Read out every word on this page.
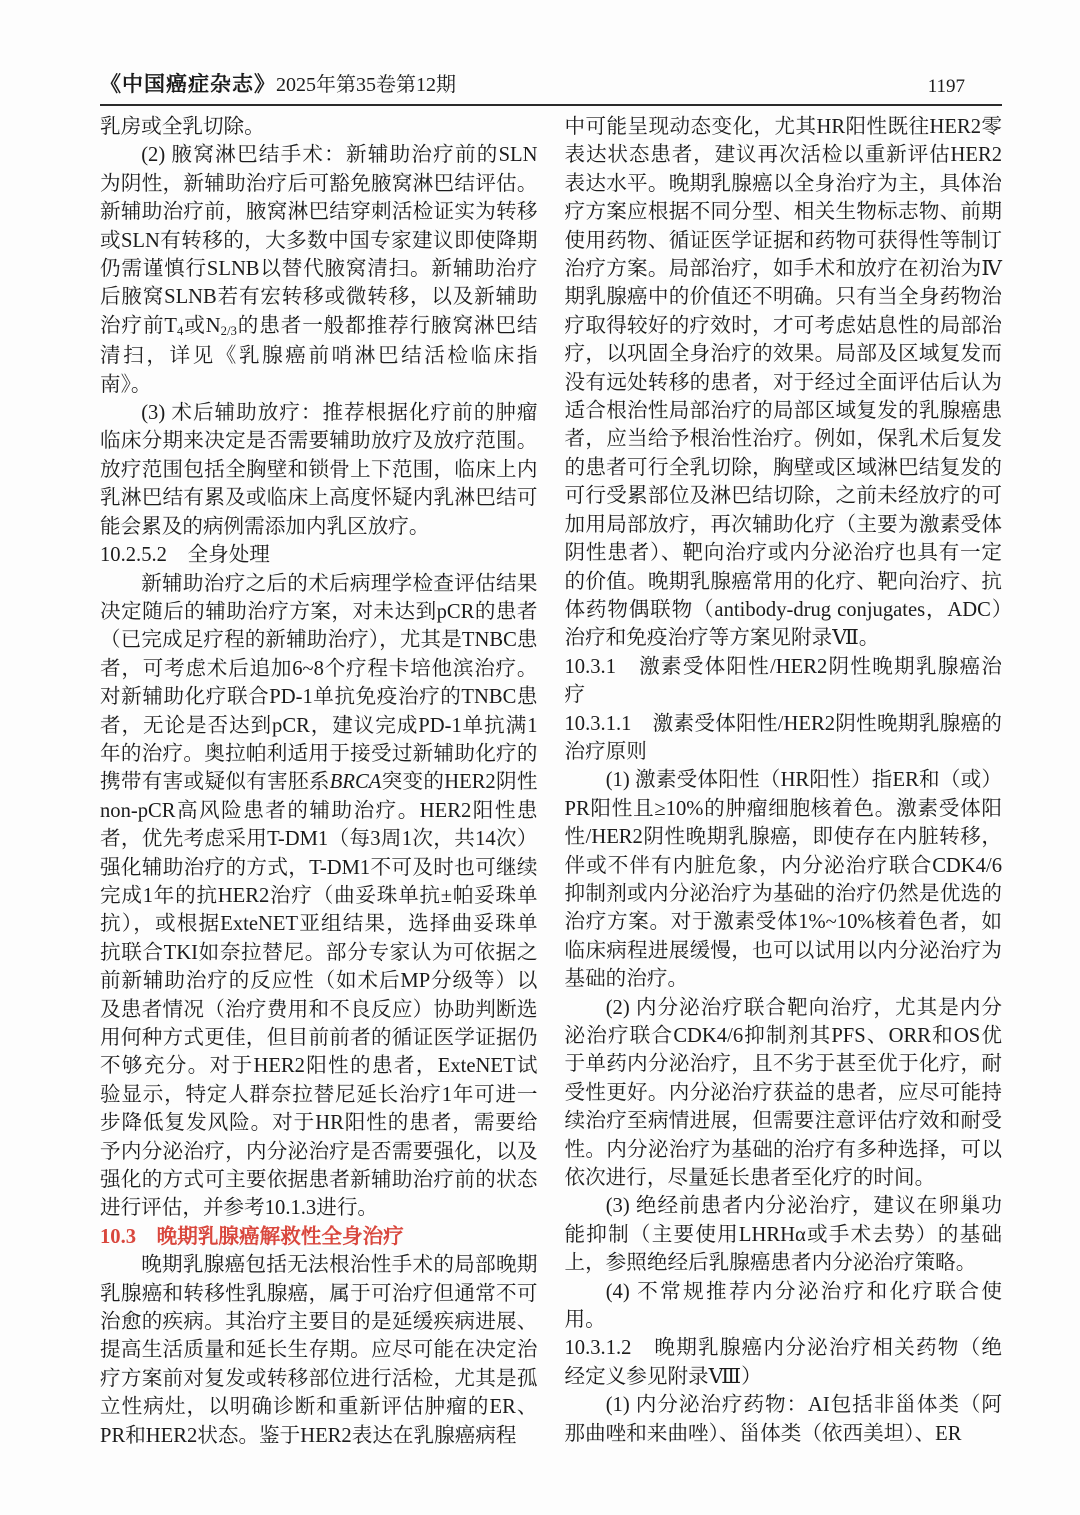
《中国癌症杂志》2025年第35卷第12期	1197

乳房或全乳切除。

(2) 腋窝淋巴结手术：新辅助治疗前的SLN为阴性，新辅助治疗后可豁免腋窝淋巴结评估。新辅助治疗前，腋窝淋巴结穿刺活检证实为转移或SLN有转移的，大多数中国专家建议即使降期仍需谨慎行SLNB以替代腋窝清扫。新辅助治疗后腋窝SLNB若有宏转移或微转移，以及新辅助治疗前T4或N2/3的患者一般都推荐行腋窝淋巴结清扫，详见《乳腺癌前哨淋巴结活检临床指南》。

(3) 术后辅助放疗：推荐根据化疗前的肿瘤临床分期来决定是否需要辅助放疗及放疗范围。放疗范围包括全胸壁和锁骨上下范围，临床上内乳淋巴结有累及或临床上高度怀疑内乳淋巴结可能会累及的病例需添加内乳区放疗。

10.2.5.2　全身处理

新辅助治疗之后的术后病理学检查评估结果决定随后的辅助治疗方案，对未达到pCR的患者（已完成足疗程的新辅助治疗），尤其是TNBC患者，可考虑术后追加6~8个疗程卡培他滨治疗。对新辅助化疗联合PD-1单抗免疫治疗的TNBC患者，无论是否达到pCR，建议完成PD-1单抗满1年的治疗。奥拉帕利适用于接受过新辅助化疗的携带有害或疑似有害胚系BRCA突变的HER2阴性non-pCR高风险患者的辅助治疗。HER2阳性患者，优先考虑采用T-DM1（每3周1次，共14次）强化辅助治疗的方式，T-DM1不可及时也可继续完成1年的抗HER2治疗（曲妥珠单抗±帕妥珠单抗），或根据ExteNET亚组结果，选择曲妥珠单抗联合TKI如奈拉替尼。部分专家认为可依据之前新辅助治疗的反应性（如术后MP分级等）以及患者情况（治疗费用和不良反应）协助判断选用何种方式更佳，但目前前者的循证医学证据仍不够充分。对于HER2阳性的患者，ExteNET试验显示，特定人群奈拉替尼延长治疗1年可进一步降低复发风险。对于HR阳性的患者，需要给予内分泌治疗，内分泌治疗是否需要强化，以及强化的方式可主要依据患者新辅助治疗前的状态进行评估，并参考10.1.3进行。

10.3　晚期乳腺癌解救性全身治疗

晚期乳腺癌包括无法根治性手术的局部晚期乳腺癌和转移性乳腺癌，属于可治疗但通常不可治愈的疾病。其治疗主要目的是延缓疾病进展、提高生活质量和延长生存期。应尽可能在决定治疗方案前对复发或转移部位进行活检，尤其是孤立性病灶，以明确诊断和重新评估肿瘤的ER、PR和HER2状态。鉴于HER2表达在乳腺癌病程

中可能呈现动态变化，尤其HR阳性既往HER2零表达状态患者，建议再次活检以重新评估HER2表达水平。晚期乳腺癌以全身治疗为主，具体治疗方案应根据不同分型、相关生物标志物、前期使用药物、循证医学证据和药物可获得性等制订治疗方案。局部治疗，如手术和放疗在初治为Ⅳ期乳腺癌中的价值还不明确。只有当全身药物治疗取得较好的疗效时，才可考虑姑息性的局部治疗，以巩固全身治疗的效果。局部及区域复发而没有远处转移的患者，对于经过全面评估后认为适合根治性局部治疗的局部区域复发的乳腺癌患者，应当给予根治性治疗。例如，保乳术后复发的患者可行全乳切除，胸壁或区域淋巴结复发的可行受累部位及淋巴结切除，之前未经放疗的可加用局部放疗，再次辅助化疗（主要为激素受体阴性患者）、靶向治疗或内分泌治疗也具有一定的价值。晚期乳腺癌常用的化疗、靶向治疗、抗体药物偶联物（antibody-drug conjugates，ADC）治疗和免疫治疗等方案见附录Ⅶ。

10.3.1　激素受体阳性/HER2阴性晚期乳腺癌治疗

10.3.1.1　激素受体阳性/HER2阴性晚期乳腺癌的治疗原则

(1) 激素受体阳性（HR阳性）指ER和（或）PR阳性且≥10%的肿瘤细胞核着色。激素受体阳性/HER2阴性晚期乳腺癌，即使存在内脏转移，伴或不伴有内脏危象，内分泌治疗联合CDK4/6抑制剂或内分泌治疗为基础的治疗仍然是优选的治疗方案。对于激素受体1%~10%核着色者，如临床病程进展缓慢，也可以试用以内分泌治疗为基础的治疗。

(2) 内分泌治疗联合靶向治疗，尤其是内分泌治疗联合CDK4/6抑制剂其PFS、ORR和OS优于单药内分泌治疗，且不劣于甚至优于化疗，耐受性更好。内分泌治疗获益的患者，应尽可能持续治疗至病情进展，但需要注意评估疗效和耐受性。内分泌治疗为基础的治疗有多种选择，可以依次进行，尽量延长患者至化疗的时间。

(3) 绝经前患者内分泌治疗，建议在卵巢功能抑制（主要使用LHRHα或手术去势）的基础上，参照绝经后乳腺癌患者内分泌治疗策略。

(4) 不常规推荐内分泌治疗和化疗联合使用。

10.3.1.2　晚期乳腺癌内分泌治疗相关药物（绝经定义参见附录Ⅷ）

(1) 内分泌治疗药物：AI包括非甾体类（阿那曲唑和来曲唑）、甾体类（依西美坦）、ER
